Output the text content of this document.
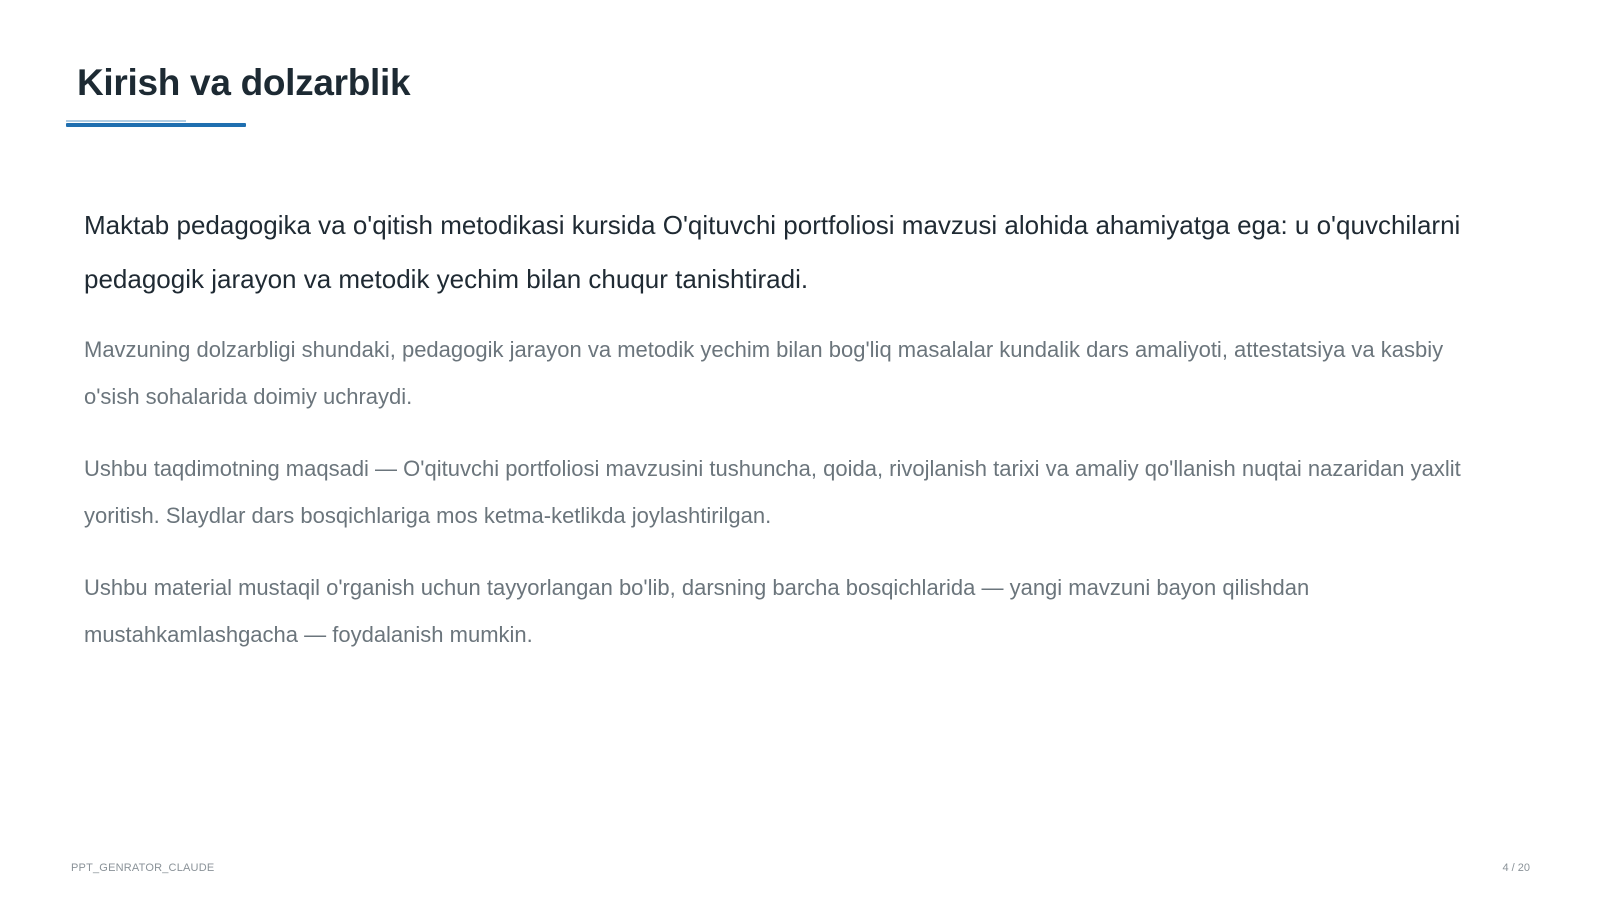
Kirish va dolzarblik

Maktab pedagogika va o'qitish metodikasi kursida O'qituvchi portfoliosi mavzusi alohida ahamiyatga ega: u o'quvchilarni pedagogik jarayon va metodik yechim bilan chuqur tanishtiradi.

Mavzuning dolzarbligi shundaki, pedagogik jarayon va metodik yechim bilan bog'liq masalalar kundalik dars amaliyoti, attestatsiya va kasbiy o'sish sohalarida doimiy uchraydi.

Ushbu taqdimotning maqsadi — O'qituvchi portfoliosi mavzusini tushuncha, qoida, rivojlanish tarixi va amaliy qo'llanish nuqtai nazaridan yaxlit yoritish. Slaydlar dars bosqichlariga mos ketma-ketlikda joylashtirilgan.

Ushbu material mustaqil o'rganish uchun tayyorlangan bo'lib, darsning barcha bosqichlarida — yangi mavzuni bayon qilishdan mustahkamlashgacha — foydalanish mumkin.

PPT_GENRATOR_CLAUDE	4 / 20
